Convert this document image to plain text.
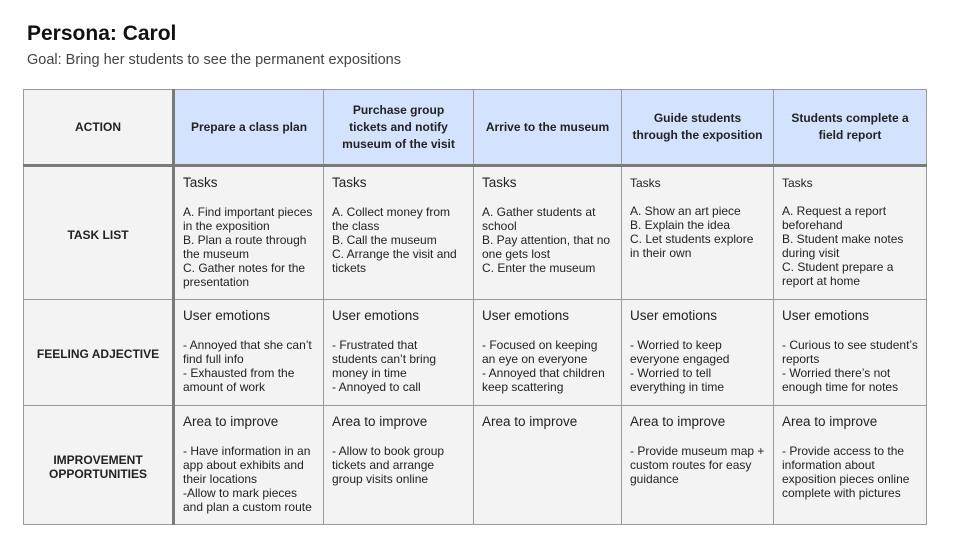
Persona: Carol
Goal: Bring her students to see the permanent expositions
ACTION	Prepare a class plan	Purchase group tickets and notify museum of the visit	Arrive to the museum	Guide students through the exposition	Students complete a field report
TASK LIST	Tasks
A. Find important pieces in the exposition
B. Plan a route through the museum
C. Gather notes for the presentation	Tasks
A. Collect money from the class
B. Call the museum
C. Arrange the visit and tickets	Tasks
A. Gather students at school
B. Pay attention, that no one gets lost
C. Enter the museum	Tasks
A. Show an art piece
B. Explain the idea
C. Let students explore in their own	Tasks
A. Request a report beforehand
B. Student make notes during visit
C. Student prepare a report at home

FEELING ADJECTIVE	User emotions
- Annoyed that she can’t find full info
- Exhausted from the amount of work	User emotions
- Frustrated that students can’t bring money in time
- Annoyed to call	User emotions
- Focused on keeping an eye on everyone
- Annoyed that children keep scattering	User emotions
- Worried to keep everyone engaged
- Worried to tell everything in time	User emotions
- Curious to see student’s reports
- Worried there’s not enough time for notes

IMPROVEMENT OPPORTUNITIES	Area to improve
- Have information in an app about exhibits and their locations
-Allow to mark pieces and plan a custom route	Area to improve
- Allow to book group tickets and arrange group visits online	Area to improve	Area to improve
- Provide museum map + custom routes for easy guidance	Area to improve
- Provide access to the information about exposition pieces online complete with pictures
